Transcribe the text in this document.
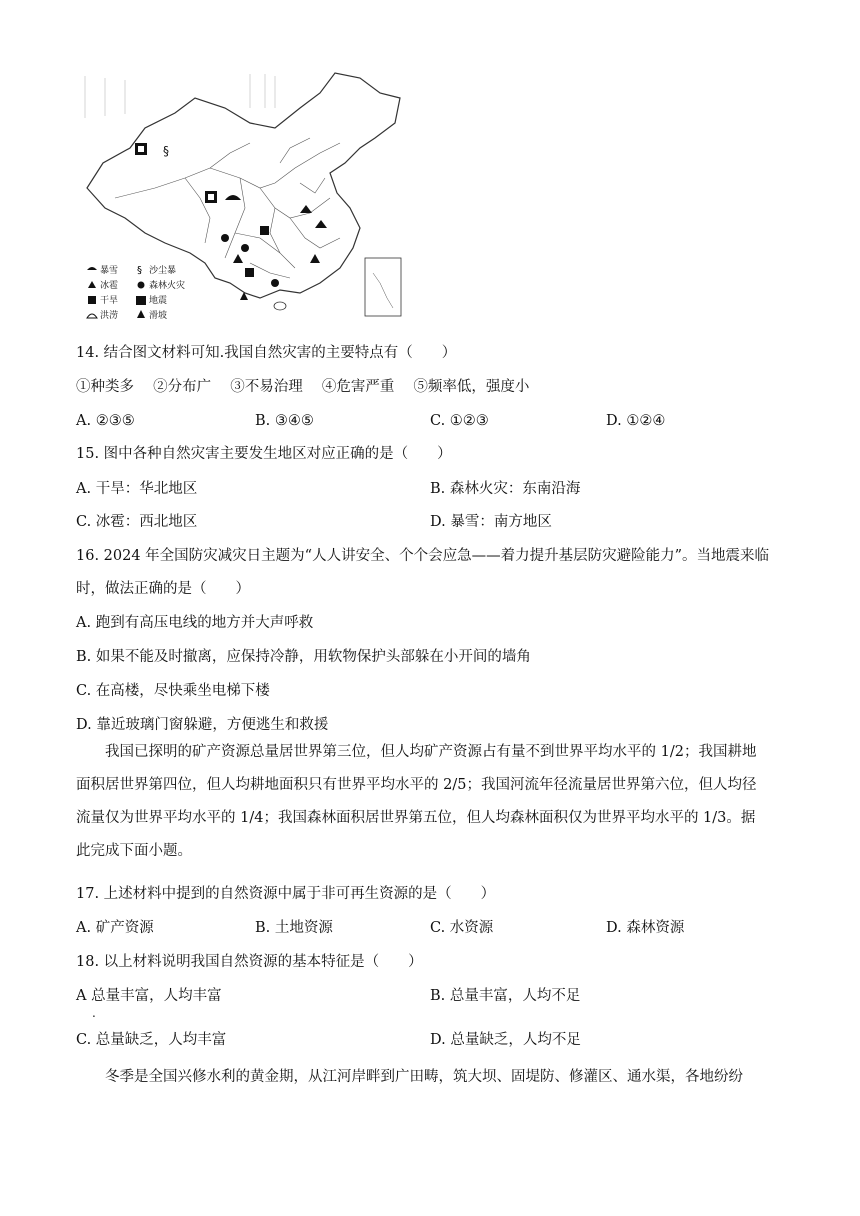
§
暴雪 § 沙尘暴
冰雹	森林火灾
干旱	地震
洪涝	滑坡
14. 结合图文材料可知.我国自然灾害的主要特点有（　　）
①种类多　 ②分布广　 ③不易治理　 ④危害严重　 ⑤频率低，强度小
A. ②③⑤	B. ③④⑤	C. ①②③	D. ①②④
15. 图中各种自然灾害主要发生地区对应正确的是（　　）
A. 干旱：华北地区	B. 森林火灾：东南沿海
C. 冰雹：西北地区	D. 暴雪：南方地区
16. 2024 年全国防灾减灾日主题为“人人讲安全、个个会应急——着力提升基层防灾避险能力”。当地震来临
时，做法正确的是（　　）
A. 跑到有高压电线的地方并大声呼救
B. 如果不能及时撤离，应保持冷静，用软物保护头部躲在小开间的墙角
C. 在高楼，尽快乘坐电梯下楼
D. 靠近玻璃门窗躲避，方便逃生和救援
　　我国已探明的矿产资源总量居世界第三位，但人均矿产资源占有量不到世界平均水平的 1/2；我国耕地
面积居世界第四位，但人均耕地面积只有世界平均水平的 2/5；我国河流年径流量居世界第六位，但人均径
流量仅为世界平均水平的 1/4；我国森林面积居世界第五位，但人均森林面积仅为世界平均水平的 1/3。据
此完成下面小题。
17. 上述材料中提到的自然资源中属于非可再生资源的是（　　）
A. 矿产资源	B. 土地资源	C. 水资源	D. 森林资源
18. 以上材料说明我国自然资源的基本特征是（　　）
A 总量丰富，人均丰富
.
B. 总量丰富，人均不足
C. 总量缺乏，人均丰富	D. 总量缺乏，人均不足
　　冬季是全国兴修水利的黄金期，从江河岸畔到广田畴，筑大坝、固堤防、修灌区、通水渠，各地纷纷
